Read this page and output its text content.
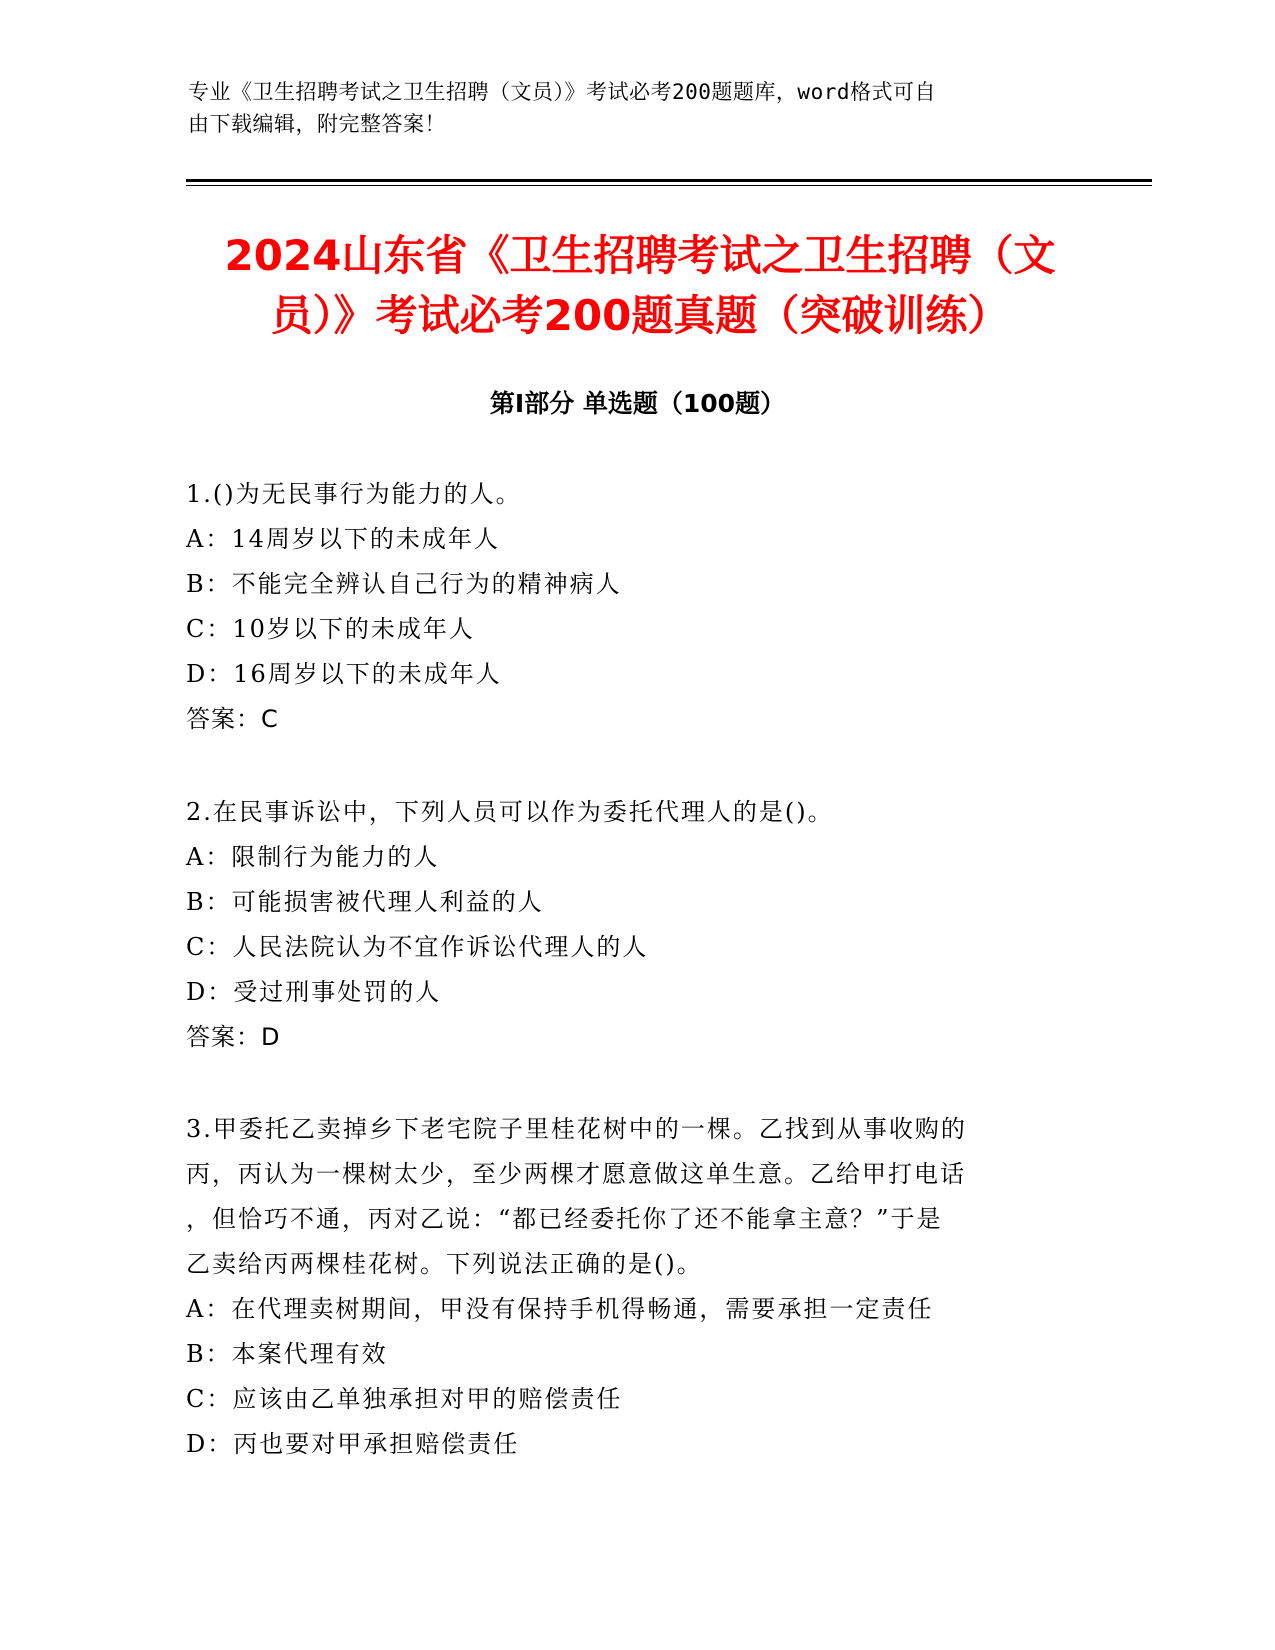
专业《卫生招聘考试之卫生招聘（文员）》考试必考200题题库，word格式可自
由下载编辑，附完整答案！
2024山东省《卫生招聘考试之卫生招聘（文
员）》考试必考200题真题（突破训练）
第Ⅰ部分 单选题（100题）
1.()为无民事行为能力的人。
A：14周岁以下的未成年人
B：不能完全辨认自己行为的精神病人
C：10岁以下的未成年人
D：16周岁以下的未成年人
答案：C
2.在民事诉讼中，下列人员可以作为委托代理人的是()。
A：限制行为能力的人
B：可能损害被代理人利益的人
C：人民法院认为不宜作诉讼代理人的人
D：受过刑事处罚的人
答案：D
3.甲委托乙卖掉乡下老宅院子里桂花树中的一棵。乙找到从事收购的
丙，丙认为一棵树太少，至少两棵才愿意做这单生意。乙给甲打电话
，但恰巧不通，丙对乙说：“都已经委托你了还不能拿主意？”于是
乙卖给丙两棵桂花树。下列说法正确的是()。
A：在代理卖树期间，甲没有保持手机得畅通，需要承担一定责任
B：本案代理有效
C：应该由乙单独承担对甲的赔偿责任
D：丙也要对甲承担赔偿责任
